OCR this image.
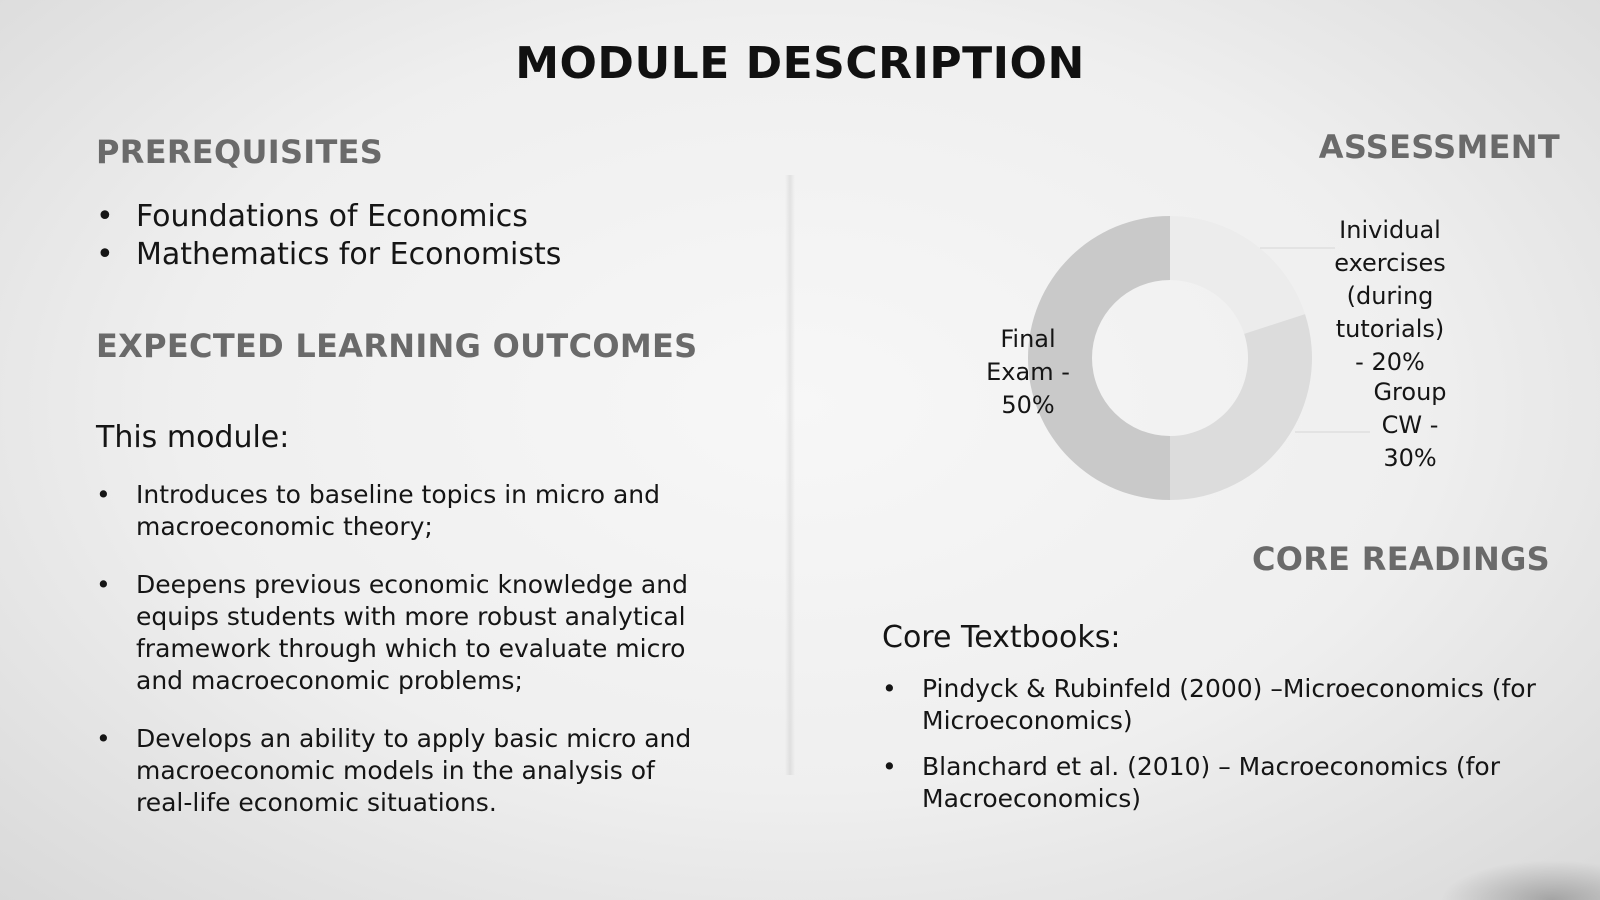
MODULE DESCRIPTION
PREREQUISITES
• Foundations of Economics
• Mathematics for Economists
EXPECTED LEARNING OUTCOMES

This module:

• Introduces to baseline topics in micro and macroeconomic theory;
• Deepens previous economic knowledge and equips students with more robust analytical framework through which to evaluate micro and macroeconomic problems;
• Develops an ability to apply basic micro and macroeconomic models in the analysis of real-life economic situations.
ASSESSMENT
Inividual exercises (during tutorials) - 20%
Group CW -30%
Final Exam -50%
CORE READINGS

Core Textbooks:

• Pindyck & Rubinfeld (2000) –Microeconomics (for Microeconomics)
• Blanchard et al. (2010) – Macroeconomics (for Macroeconomics)
